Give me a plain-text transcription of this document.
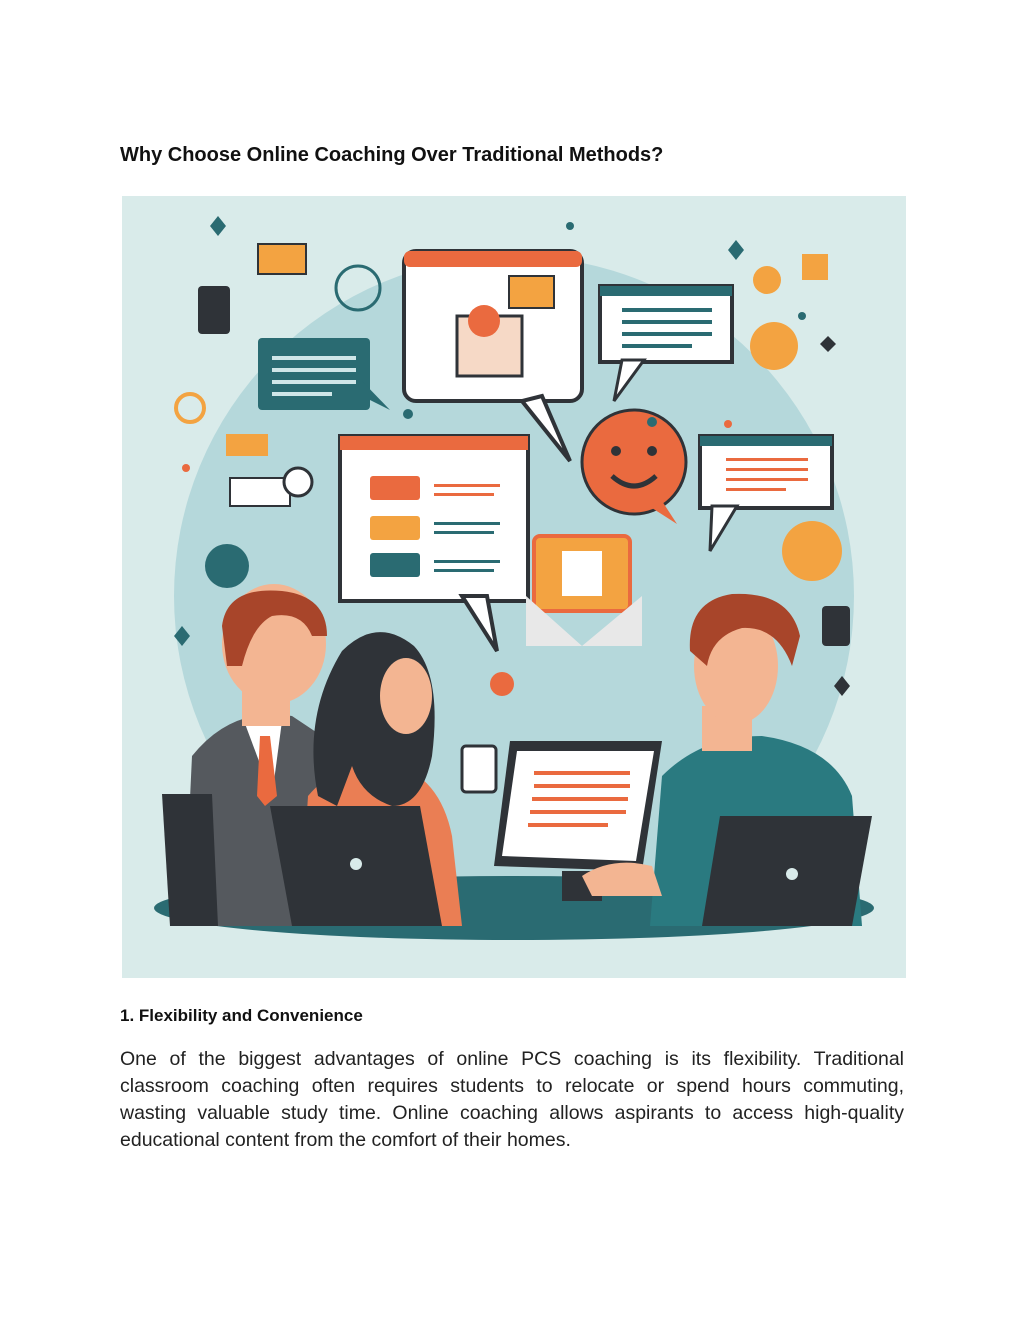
Why Choose Online Coaching Over Traditional Methods?
1. Flexibility and Convenience

One of the biggest advantages of online PCS coaching is its flexibility. Traditional classroom coaching often requires students to relocate or spend hours commuting, wasting valuable study time. Online coaching allows aspirants to access high-quality educational content from the comfort of their homes.
